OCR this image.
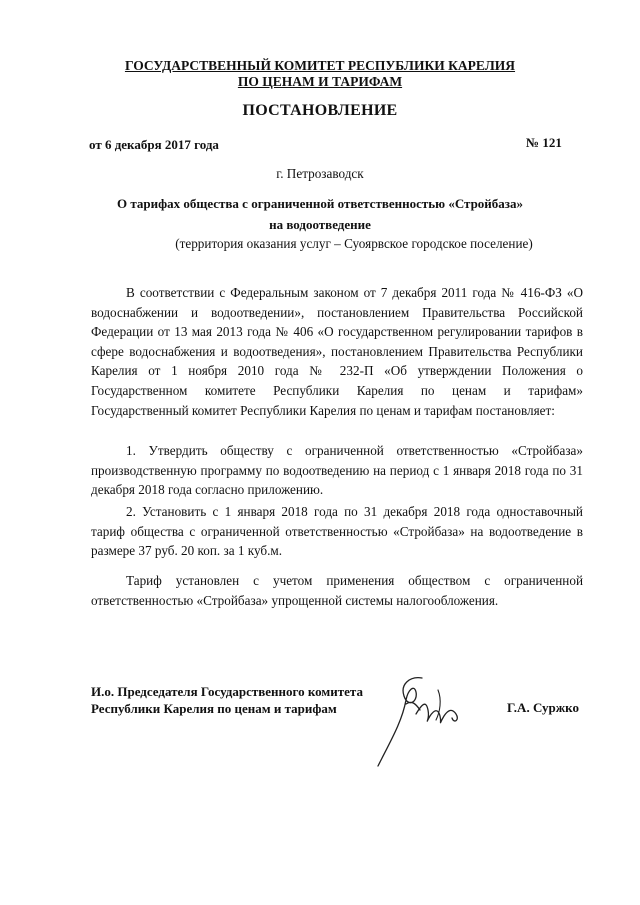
ГОСУДАРСТВЕННЫЙ КОМИТЕТ РЕСПУБЛИКИ КАРЕЛИЯ
ПО ЦЕНАМ И ТАРИФАМ
ПОСТАНОВЛЕНИЕ
от 6 декабря 2017 года	№ 121
г. Петрозаводск
О тарифах общества с ограниченной ответственностью «Стройбаза»
на водоотведение
(территория оказания услуг – Суоярвское городское поселение)

В соответствии с Федеральным законом от 7 декабря 2011 года № 416-ФЗ «О водоснабжении и водоотведении», постановлением Правительства Российской Федерации от 13 мая 2013 года № 406 «О государственном регулировании тарифов в сфере водоснабжения и водоотведения», постановлением Правительства Республики Карелия от 1 ноября 2010 года № 232-П «Об утверждении Положения о Государственном комитете Республики Карелия по ценам и тарифам» Государственный комитет Республики Карелия по ценам и тарифам постановляет:

1. Утвердить обществу с ограниченной ответственностью «Стройбаза» производственную программу по водоотведению на период с 1 января 2018 года по 31 декабря 2018 года согласно приложению.

2. Установить с 1 января 2018 года по 31 декабря 2018 года одноставочный тариф общества с ограниченной ответственностью «Стройбаза» на водоотведение в размере 37 руб. 20 коп. за 1 куб.м.

Тариф установлен с учетом применения обществом с ограниченной ответственностью «Стройбаза» упрощенной системы налогообложения.

И.о. Председателя Государственного комитета
Республики Карелия по ценам и тарифам	Г.А. Суржко
